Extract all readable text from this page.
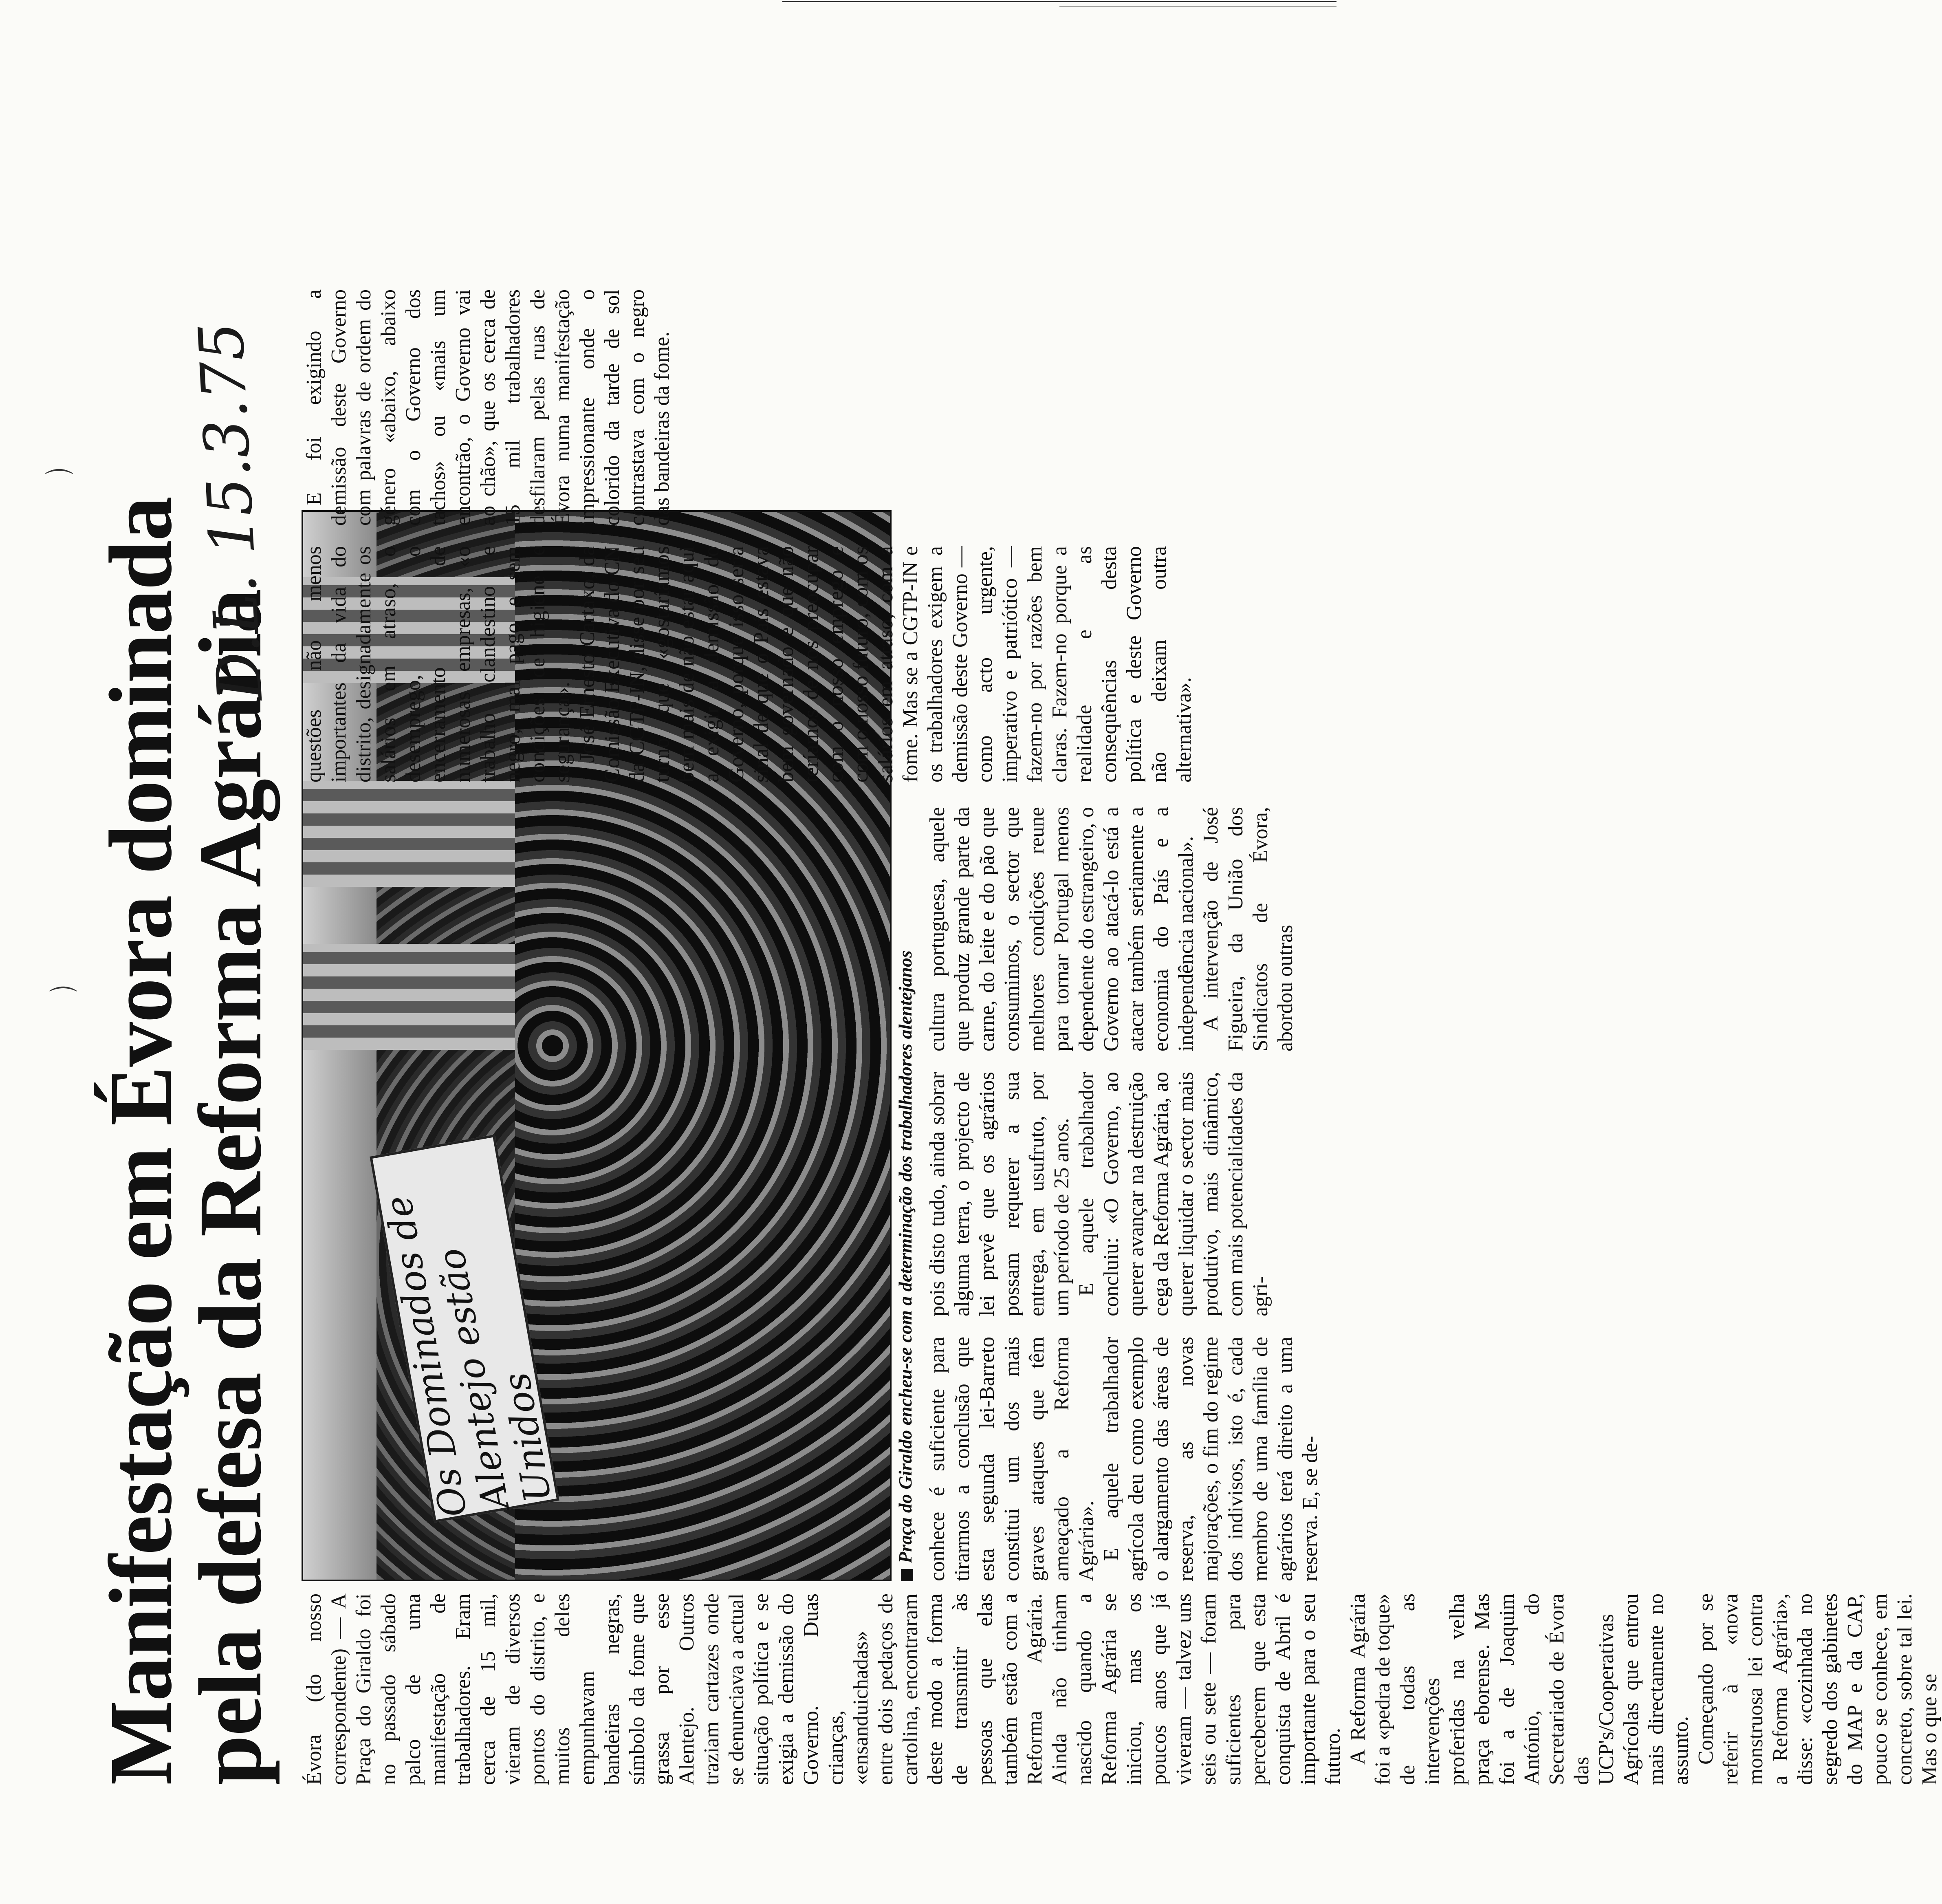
⌒
⌒ Manifestação em Évora dominada
pela defesa da Reforma Agrária
D.L. 15.3.75
Os Dominados de Alentejo estão Unidos	Praça do Giraldo encheu-se com a determinação dos trabalhadores alentejanos

Évora (do nosso correspondente) — A Praça do Giraldo foi no passado sábado palco de uma manifestação de trabalhadores. Eram cerca de 15 mil, vieram de diversos pontos do distrito, e muitos deles empunhavam bandeiras negras, símbolo da fome que grassa por esse Alentejo. Outros traziam cartazes onde se denunciava a actual situação política e se exigia a demissão do Governo. Duas crianças, «ensanduichadas» entre dois pedaços de cartolina, encontraram deste modo a forma de transmitir às pessoas que elas também estão com a Reforma Agrária. Ainda não tinham nascido quando a Reforma Agrária se iniciou, mas os poucos anos que já viveram — talvez uns seis ou sete — foram suficientes para perceberem que esta conquista de Abril é importante para o seu futuro. A Reforma Agrária foi a «pedra de toque» de todas as intervenções proferidas na velha praça eborense. Mas foi a de Joaquim António, do Secretariado de Évora das UCP's/Cooperativas Agrícolas que entrou mais directamente no assunto. Começando por se referir à «nova monstruosa lei contra a Reforma Agrária», disse: «cozinhada no segredo dos gabinetes do MAP e da CAP, pouco se conhece, em concreto, sobre tal lei. Mas o que se

conhece é suficiente para tirarmos a conclusão que esta segunda lei-Barreto constitui um dos mais graves ataques que têm ameaçado a Reforma Agrária». E aquele trabalhador agrícola deu como exemplo o alargamento das áreas de reserva, as novas majorações, o fim do regime dos indivisos, isto é, cada membro de uma família de agrários terá direito a uma reserva. E, se de-

pois disto tudo, ainda sobrar alguma terra, o projecto de lei prevê que os agrários possam requerer a sua entrega, em usufruto, por um período de 25 anos. E aquele trabalhador concluiu: «O Governo, ao querer avançar na destruição cega da Reforma Agrária, ao querer liquidar o sector mais produtivo, mais dinâmico, com mais potencialidades da agri-

cultura portuguesa, aquele que produz grande parte da carne, do leite e do pão que consumimos, o sector que melhores condições reune para tornar Portugal menos dependente do estrangeiro, o Governo ao atacá-lo está a atacar também seriamente a economia do País e a independência nacional». A intervenção de José Figueira, da União dos Sindicatos de Évora, abordou outras

questões não menos importantes da vida do distrito, designadamente os salários em atraso, o desemprego, o encerramento de numerosas empresas, «o trabalho clandestino e negro, mal pago e sem condições de higiene e segurança». José Ernesto Cartaxo, da Comissão Executiva do CN da CGTP-IN, disse por seu turno que «gostaríamos bem mais de não estar aqui a exigir a demissão do Governo, porque isso seria sinal de que o País estava bem governado e que não teríamos de nos preocupar com o nosso emprego e com o nosso futuro, com os salários em atraso, com a fome. Mas se a CGTP-IN e os trabalhadores exigem a demissão deste Governo — como acto urgente, imperativo e patriótico — fazem-no por razões bem claras. Fazem-no porque a realidade e as consequências desta política e deste Governo não deixam outra alternativa».

E foi exigindo a demissão deste Governo com palavras de ordem do género «abaixo, abaixo com o Governo dos tachos» ou «mais um encontrão, o Governo vai ao chão», que os cerca de 15 mil trabalhadores desfilaram pelas ruas de Évora numa manifestação impressionante onde o colorido da tarde de sol contrastava com o negro das bandeiras da fome.
